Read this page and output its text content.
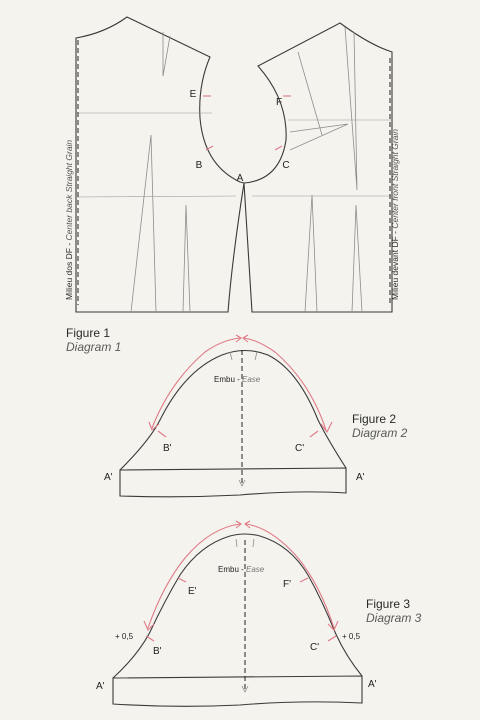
A
B	C
E
F
Milieu dos DF - Center back Straight Grain
Milieu devant DF - Center front Straight Grain
Embu - Ease
B'	C'
A'	A'
Embu - Ease
E'
F'
B'	C'
A'	A'
+ 0,5	+ 0,5
Figure 1
Diagram 1
Figure 2
Diagram 2
Figure 3
Diagram 3
